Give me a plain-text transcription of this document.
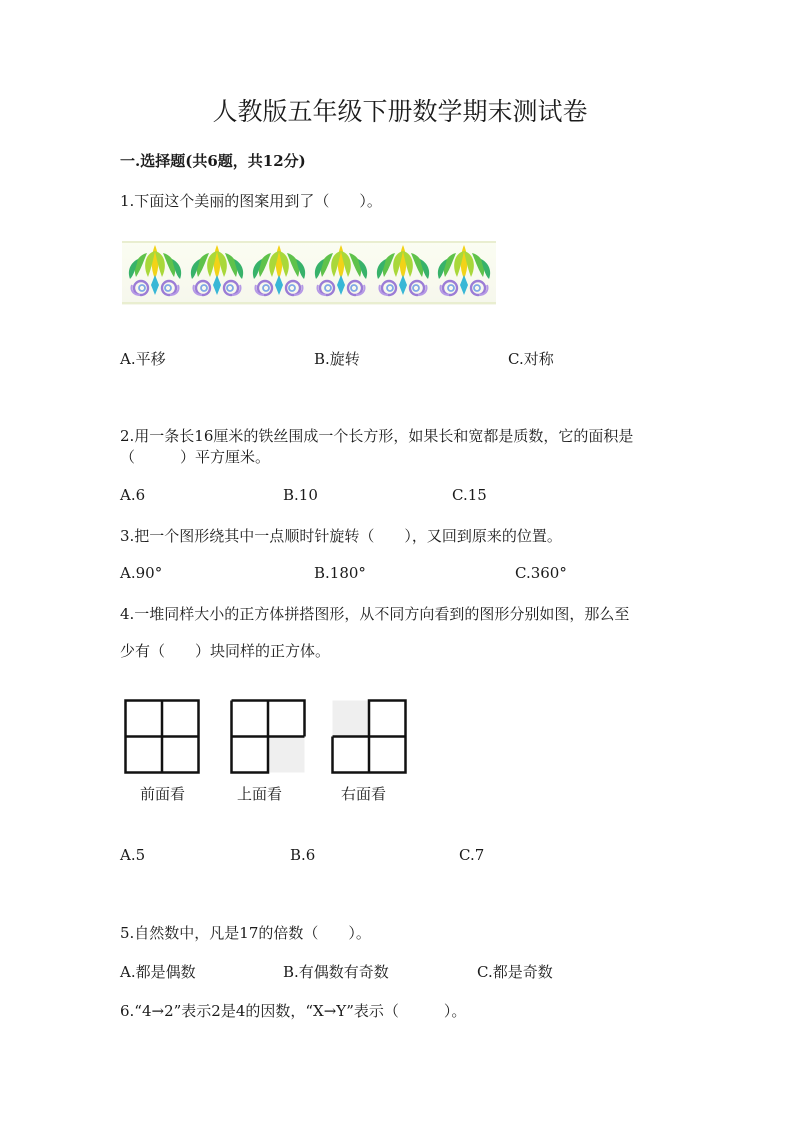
人教版五年级下册数学期末测试卷
一.选择题(共6题，共12分)
1.下面这个美丽的图案用到了（　　）。
A.平移	B.旋转	C.对称
2.用一条长16厘米的铁丝围成一个长方形，如果长和宽都是质数，它的面积是
（　　　）平方厘米。
A.6	B.10	C.15
3.把一个图形绕其中一点顺时针旋转（　　），又回到原来的位置。
A.90°	B.180°	C.360°
4.一堆同样大小的正方体拼搭图形，从不同方向看到的图形分别如图，那么至
少有（　　）块同样的正方体。
前面看	上面看	右面看
A.5	B.6	C.7
5.自然数中，凡是17的倍数（　　）。
A.都是偶数	B.有偶数有奇数	C.都是奇数
6.“4→2”表示2是4的因数，“X→Y”表示（　　　）。
